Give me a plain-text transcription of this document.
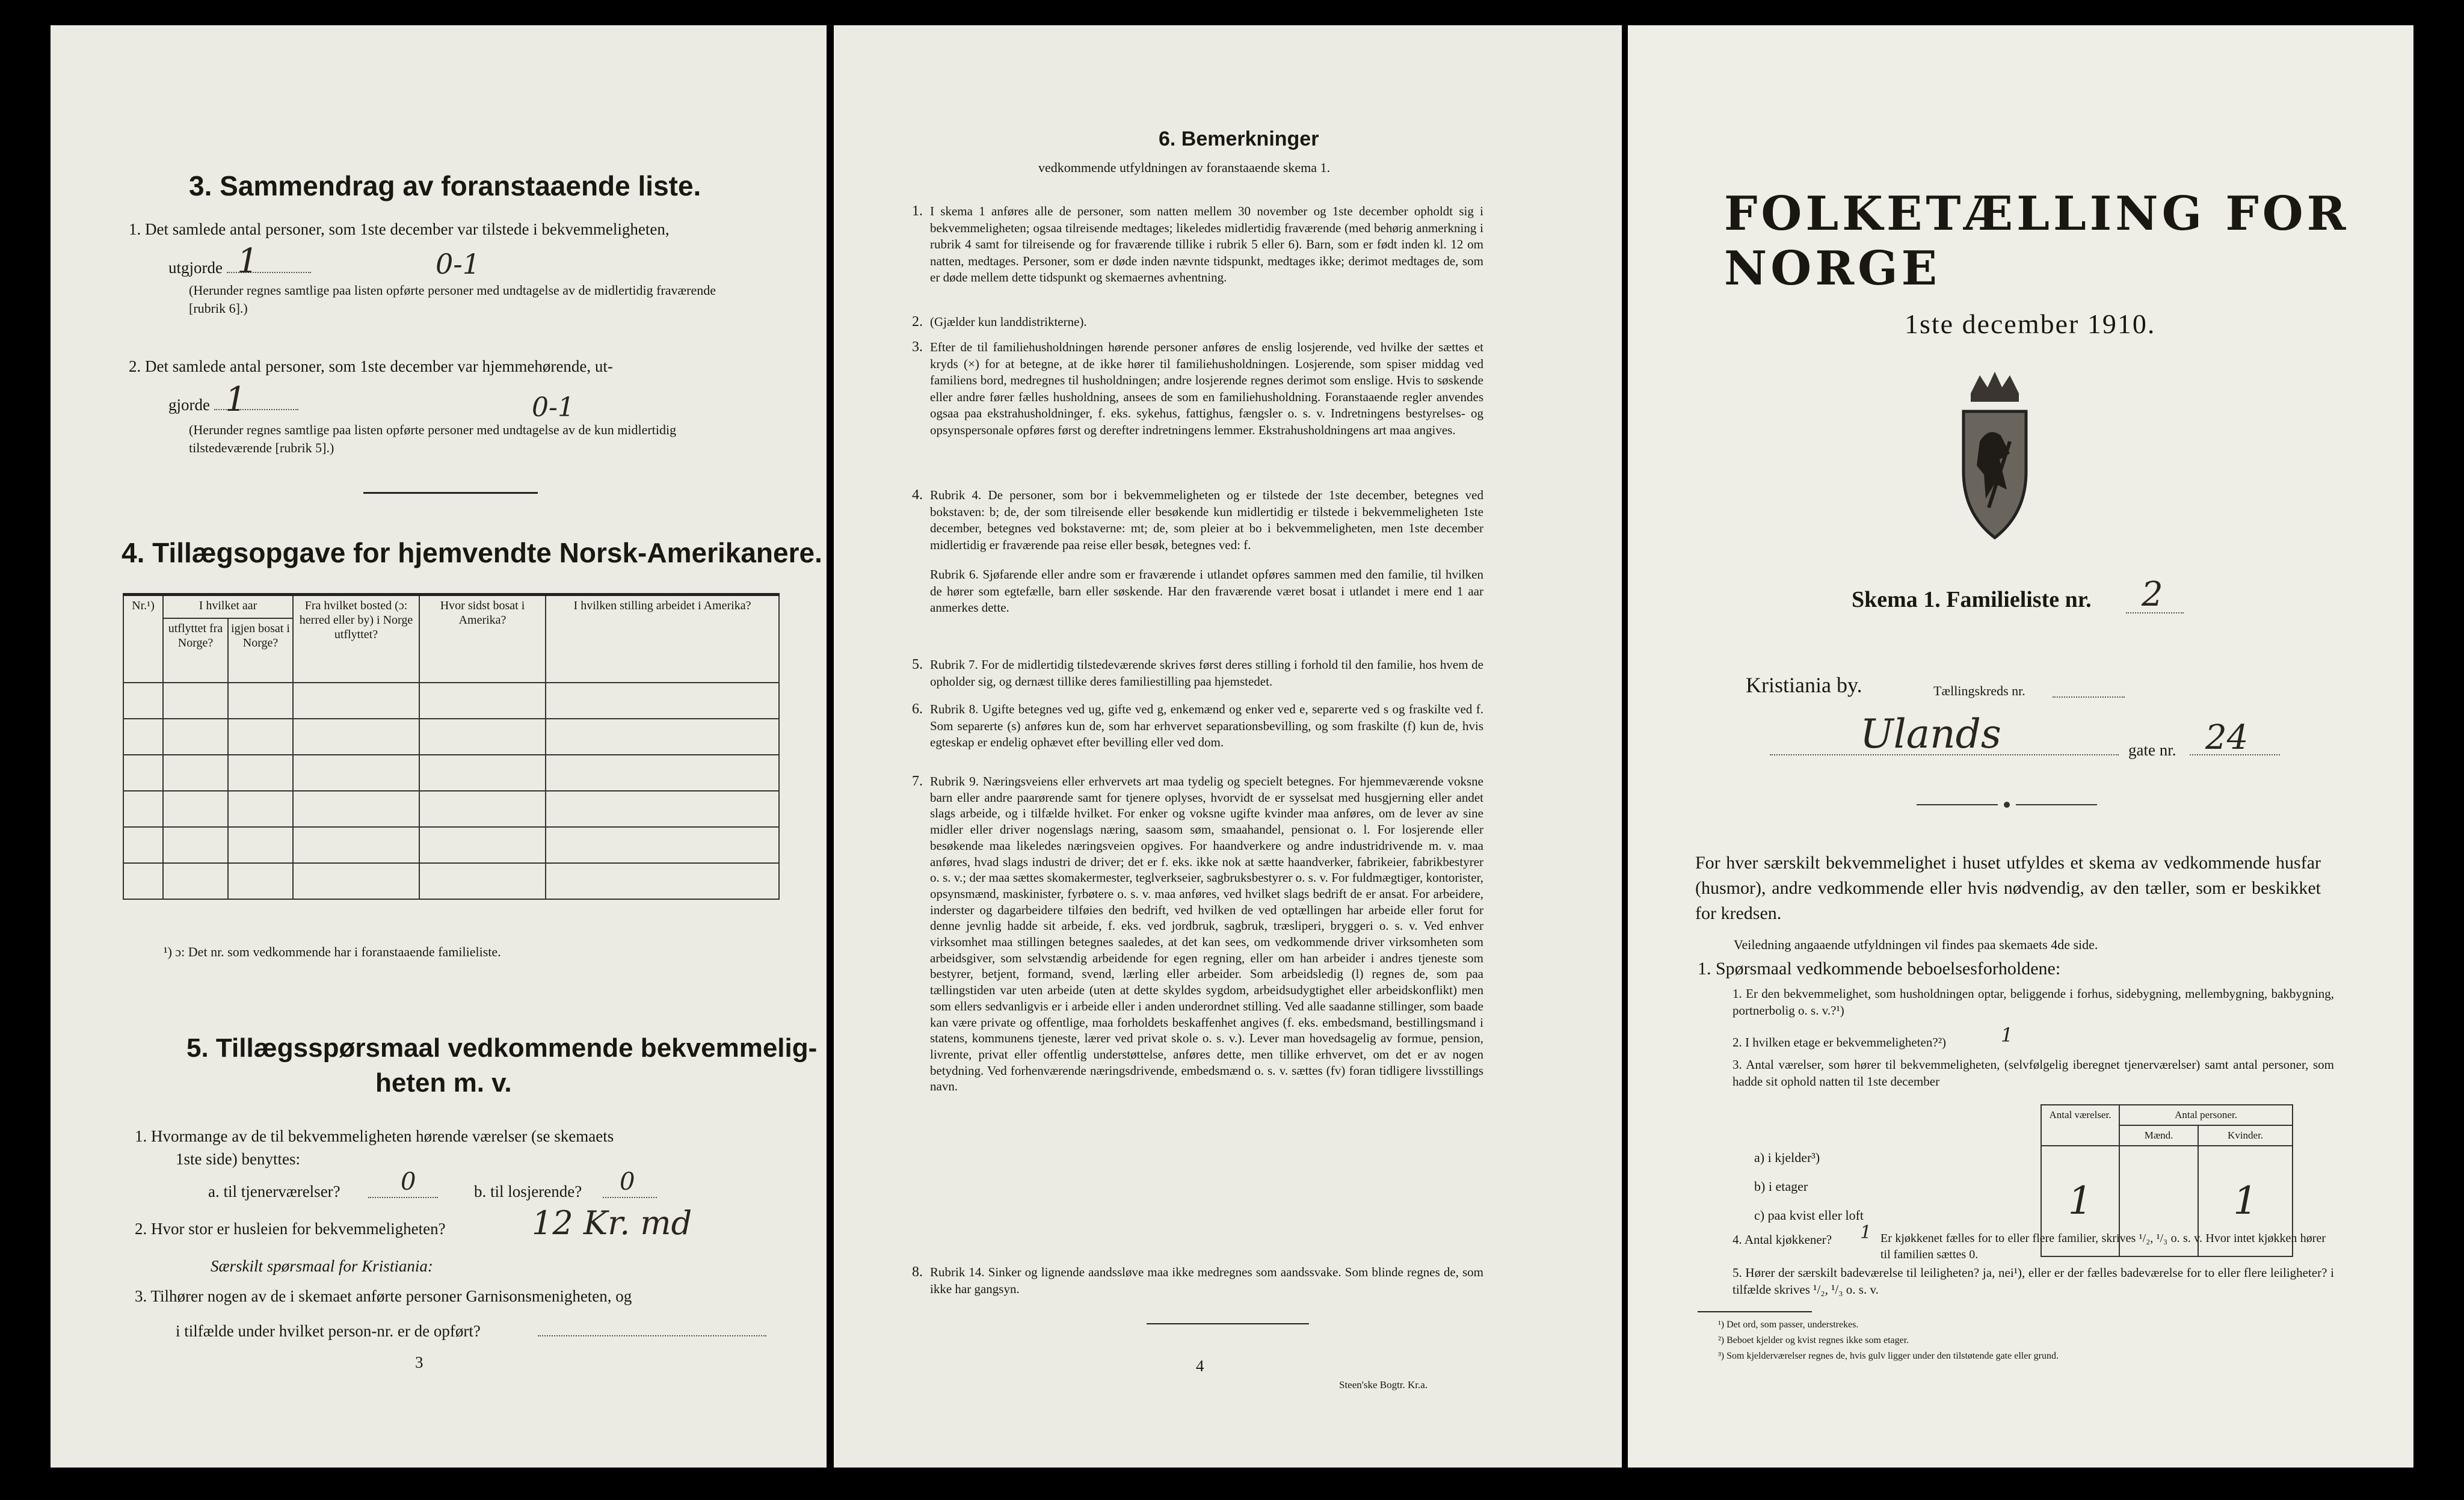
3. Sammendrag av foranstaaende liste.
1. Det samlede antal personer, som 1ste december var tilstede i bekvemmeligheten,
utgjorde 1	0-1
(Herunder regnes samtlige paa listen opførte personer med undtagelse av de midlertidig fraværende [rubrik 6].)
2. Det samlede antal personer, som 1ste december var hjemmehørende, ut-
gjorde 1	0-1
(Herunder regnes samtlige paa listen opførte personer med undtagelse av de kun midlertidig tilstedeværende [rubrik 5].)
4. Tillægsopgave for hjemvendte Norsk-Amerikanere.
Nr.¹)	I hvilket aar		Fra hvilket bosted (ɔ: herred eller by) i Norge utflyttet?	Hvor sidst bosat i Amerika?	I hvilken stilling arbeidet i Amerika?
	utflyttet fra Norge?	igjen bosat i Norge?			

¹) ɔ: Det nr. som vedkommende har i foranstaaende familieliste.
5. Tillægsspørsmaal vedkommende bekvemmelig-
heten m. v.
1. Hvormange av de til bekvemmeligheten hørende værelser (se skemaets
1ste side) benyttes:
a. til tjenerværelser?	0	b. til losjerende? 0
2. Hvor stor er husleien for bekvemmeligheten?	12 Kr. md
Særskilt spørsmaal for Kristiania:
3. Tilhører nogen av de i skemaet anførte personer Garnisonsmenigheten, og
i tilfælde under hvilket person-nr. er de opført?
3
6. Bemerkninger
vedkommende utfyldningen av foranstaaende skema 1.
1. I skema 1 anføres alle de personer, som natten mellem 30 november og 1ste december opholdt sig i bekvemmeligheten; ogsaa tilreisende medtages; likeledes midlertidig fraværende (med behørig anmerkning i rubrik 4 samt for tilreisende og for fraværende tillike i rubrik 5 eller 6). Barn, som er født inden kl. 12 om natten, medtages. Personer, som er døde inden nævnte tidspunkt, medtages ikke; derimot medtages de, som er døde mellem dette tidspunkt og skemaernes avhentning.
2. (Gjælder kun landdistrikterne).
3. Efter de til familiehusholdningen hørende personer anføres de enslig losjerende, ved hvilke der sættes et kryds (×) for at betegne, at de ikke hører til familiehusholdningen. Losjerende, som spiser middag ved familiens bord, medregnes til husholdningen; andre losjerende regnes derimot som enslige. Hvis to søskende eller andre fører fælles husholdning, ansees de som en familiehusholdning. Foranstaaende regler anvendes ogsaa paa ekstrahusholdninger, f. eks. sykehus, fattighus, fængsler o. s. v. Indretningens bestyrelses- og opsynspersonale opføres først og derefter indretningens lemmer. Ekstrahusholdningens art maa angives.
4. Rubrik 4. De personer, som bor i bekvemmeligheten og er tilstede der 1ste december, betegnes ved bokstaven: b; de, der som tilreisende eller besøkende kun midlertidig er tilstede i bekvemmeligheten 1ste december, betegnes ved bokstaverne: mt; de, som pleier at bo i bekvemmeligheten, men 1ste december midlertidig er fraværende paa reise eller besøk, betegnes ved: f.
Rubrik 6. Sjøfarende eller andre som er fraværende i utlandet opføres sammen med den familie, til hvilken de hører som egtefælle, barn eller søskende. Har den fraværende været bosat i utlandet i mere end 1 aar anmerkes dette.
5. Rubrik 7. For de midlertidig tilstedeværende skrives først deres stilling i forhold til den familie, hos hvem de opholder sig, og dernæst tillike deres familiestilling paa hjemstedet.
6. Rubrik 8. Ugifte betegnes ved ug, gifte ved g, enkemænd og enker ved e, separerte ved s og fraskilte ved f. Som separerte (s) anføres kun de, som har erhvervet separationsbevilling, og som fraskilte (f) kun de, hvis egteskap er endelig ophævet efter bevilling eller ved dom.
7. Rubrik 9. Næringsveiens eller erhvervets art maa tydelig og specielt betegnes. For hjemmeværende voksne barn eller andre paarørende samt for tjenere oplyses, hvorvidt de er sysselsat med husgjerning eller andet slags arbeide, og i tilfælde hvilket. For enker og voksne ugifte kvinder maa anføres, om de lever av sine midler eller driver nogenslags næring, saasom søm, smaahandel, pensionat o. l. For losjerende eller besøkende maa likeledes næringsveien opgives. For haandverkere og andre industridrivende m. v. maa anføres, hvad slags industri de driver; det er f. eks. ikke nok at sætte haandverker, fabrikeier, fabrikbestyrer o. s. v.; der maa sættes skomakermester, teglverkseier, sagbruksbestyrer o. s. v. For fuldmægtiger, kontorister, opsynsmænd, maskinister, fyrbøtere o. s. v. maa anføres, ved hvilket slags bedrift de er ansat. For arbeidere, inderster og dagarbeidere tilføies den bedrift, ved hvilken de ved optællingen har arbeide eller forut for denne jevnlig hadde sit arbeide, f. eks. ved jordbruk, sagbruk, træsliperi, bryggeri o. s. v. Ved enhver virksomhet maa stillingen betegnes saaledes, at det kan sees, om vedkommende driver virksomheten som arbeidsgiver, som selvstændig arbeidende for egen regning, eller om han arbeider i andres tjeneste som bestyrer, betjent, formand, svend, lærling eller arbeider. Som arbeidsledig (l) regnes de, som paa tællingstiden var uten arbeide (uten at dette skyldes sygdom, arbeidsudygtighet eller arbeidskonflikt) men som ellers sedvanligvis er i arbeide eller i anden underordnet stilling. Ved alle saadanne stillinger, som baade kan være private og offentlige, maa forholdets beskaffenhet angives (f. eks. embedsmand, bestillingsmand i statens, kommunens tjeneste, lærer ved privat skole o. s. v.). Lever man hovedsagelig av formue, pension, livrente, privat eller offentlig understøttelse, anføres dette, men tillike erhvervet, om det er av nogen betydning. Ved forhenværende næringsdrivende, embedsmænd o. s. v. sættes (fv) foran tidligere livsstillings navn.
8. Rubrik 14. Sinker og lignende aandssløve maa ikke medregnes som aandssvake. Som blinde regnes de, som ikke har gangsyn.
4
Steen'ske Bogtr. Kr.a.
FOLKETÆLLING FOR NORGE
1ste december 1910.
Skema 1. Familieliste nr. 2
Kristiania by.	Tællingskreds nr.
Ulands	gate nr. 24
For hver særskilt bekvemmelighet i huset utfyldes et skema av vedkommende husfar (husmor), andre vedkommende eller hvis nødvendig, av den tæller, som er beskikket for kredsen.
Veiledning angaaende utfyldningen vil findes paa skemaets 4de side.
1. Spørsmaal vedkommende beboelsesforholdene:
1. Er den bekvemmelighet, som husholdningen optar, beliggende i forhus, sidebygning, mellembygning, bakbygning, portnerbolig o. s. v.?¹)
2. I hvilken etage er bekvemmeligheten?²)	1
3. Antal værelser, som hører til bekvemmeligheten, (selvfølgelig iberegnet tjenerværelser) samt antal personer, som hadde sit ophold natten til 1ste december
Antal værelser.	Antal personer.	
	Mænd.	Kvinder.
1		1
a) i kjelder³)
b) i etager
c) paa kvist eller loft
4. Antal kjøkkener? 1 Er kjøkkenet fælles for to eller flere familier, skrives ¹/₂, ¹/₃ o. s. v. Hvor intet kjøkken hører til familien sættes 0.
5. Hører der særskilt badeværelse til leiligheten? ja, nei¹), eller er der fælles badeværelse for to eller flere leiligheter? i tilfælde skrives ¹/₂, ¹/₃ o. s. v.
¹) Det ord, som passer, understrekes.
²) Beboet kjelder og kvist regnes ikke som etager.
³) Som kjelderværelser regnes de, hvis gulv ligger under den tilstøtende gate eller grund.
